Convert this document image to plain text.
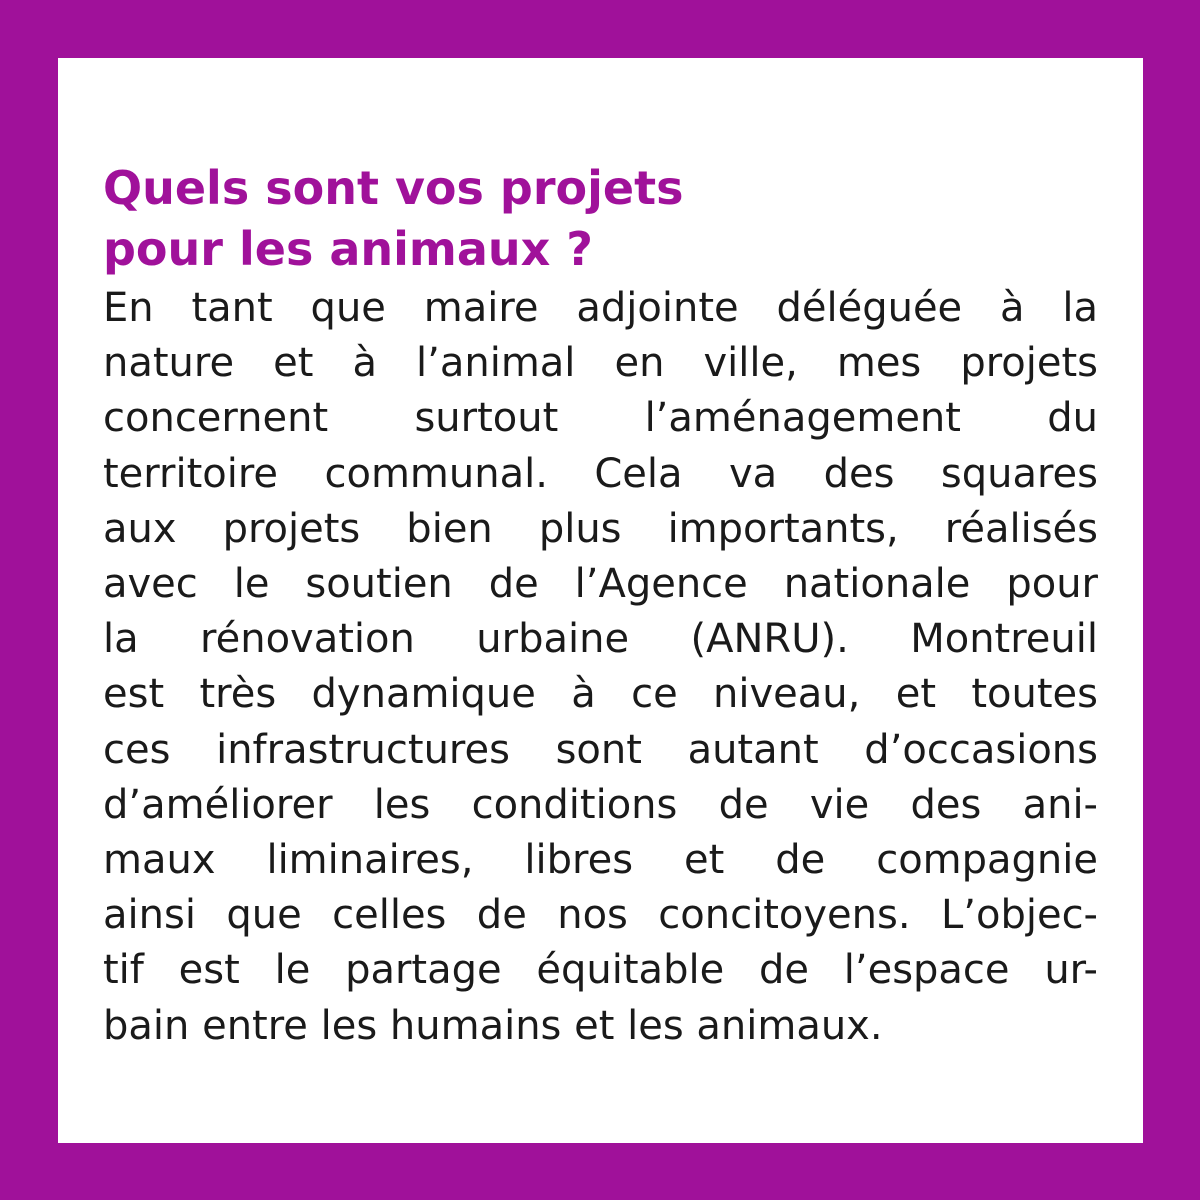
Quels sont vos projets
pour les animaux ?
En tant que maire adjointe déléguée à la
nature et à l’animal en ville, mes projets
concernent surtout l’aménagement du
territoire communal. Cela va des squares
aux projets bien plus importants, réalisés
avec le soutien de l’Agence nationale pour
la rénovation urbaine (ANRU). Montreuil
est très dynamique à ce niveau, et toutes
ces infrastructures sont autant d’occasions
d’améliorer les conditions de vie des ani-
maux liminaires, libres et de compagnie
ainsi que celles de nos concitoyens. L’objec-
tif est le partage équitable de l’espace ur-
bain entre les humains et les animaux.
